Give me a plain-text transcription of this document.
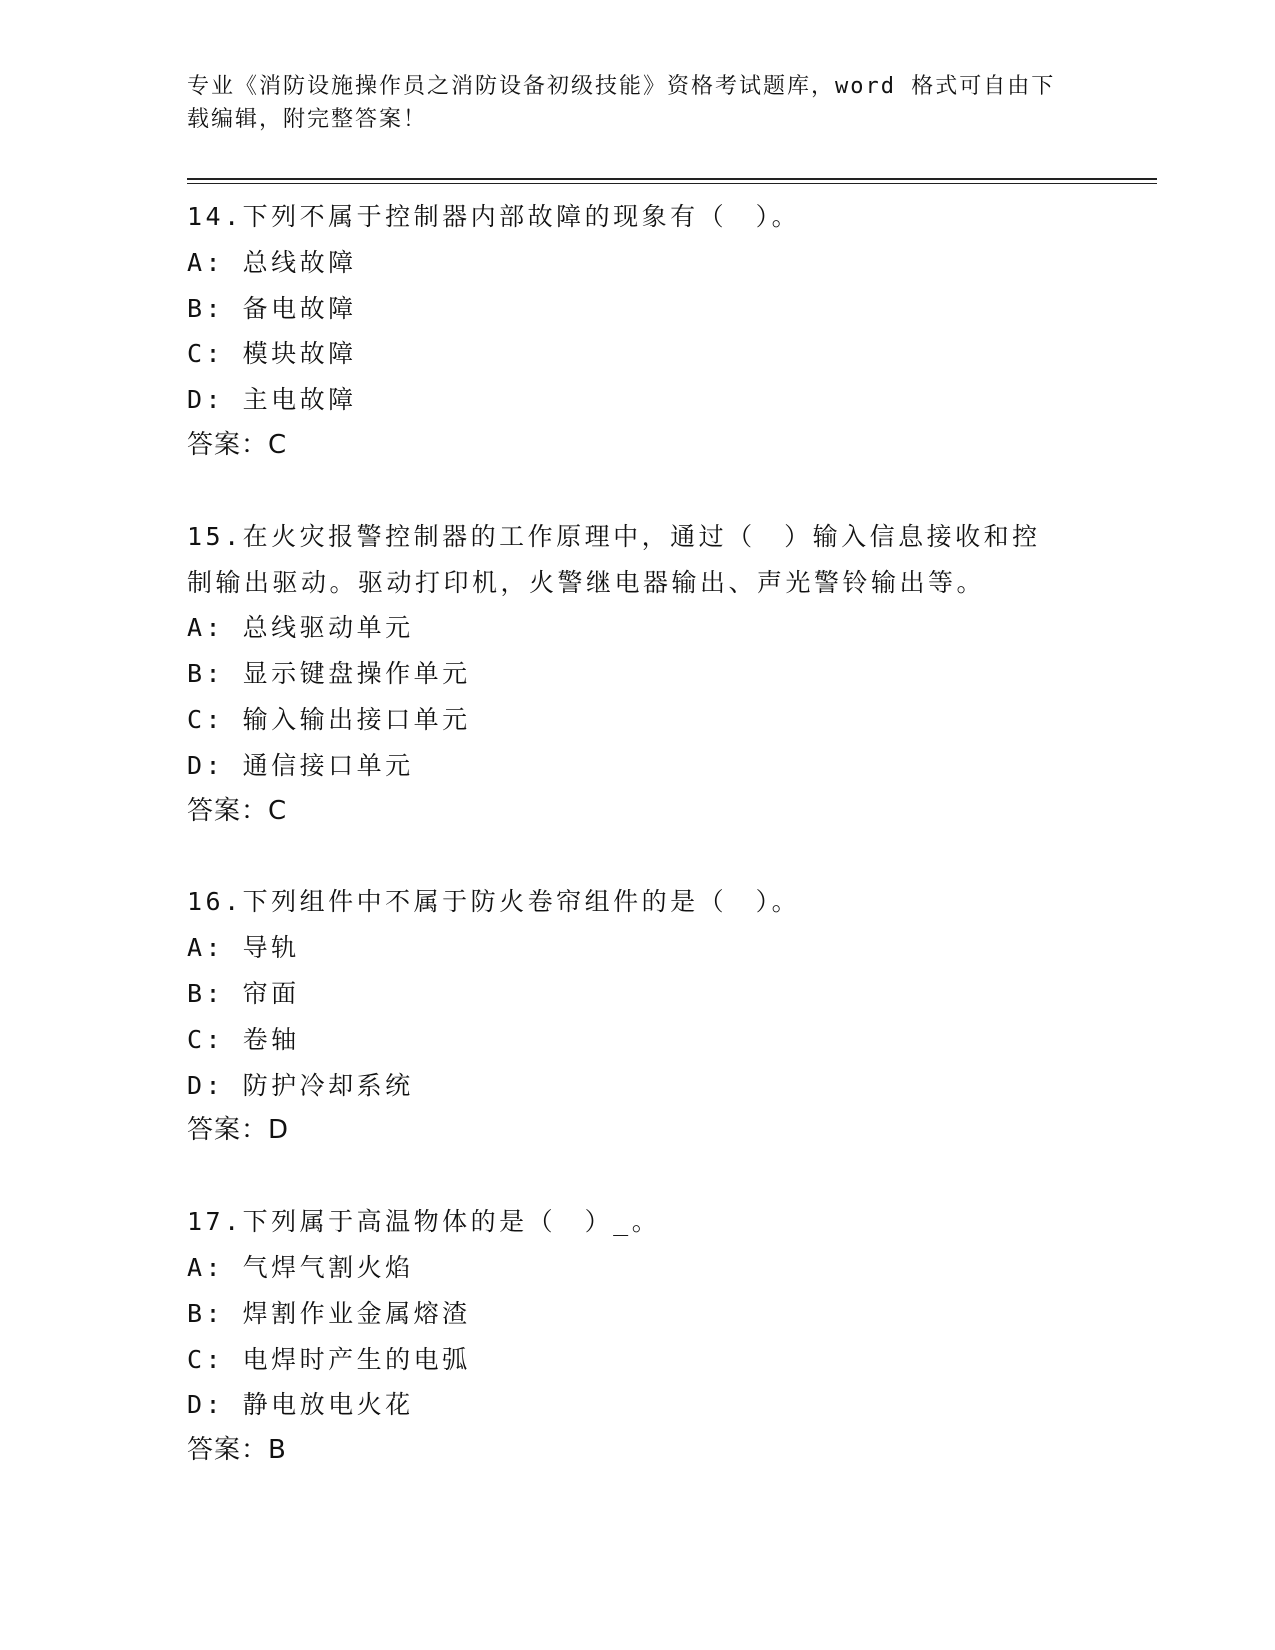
专业《消防设施操作员之消防设备初级技能》资格考试题库，word 格式可自由下载编辑，附完整答案！
14.下列不属于控制器内部故障的现象有（　）。
A: 总线故障
B: 备电故障
C: 模块故障
D: 主电故障
答案：C
15.在火灾报警控制器的工作原理中，通过（　）输入信息接收和控制输出驱动。驱动打印机，火警继电器输出、声光警铃输出等。
A: 总线驱动单元
B: 显示键盘操作单元
C: 输入输出接口单元
D: 通信接口单元
答案：C
16.下列组件中不属于防火卷帘组件的是（　）。
A: 导轨
B: 帘面
C: 卷轴
D: 防护冷却系统
答案：D
17.下列属于高温物体的是（　）_。
A: 气焊气割火焰
B: 焊割作业金属熔渣
C: 电焊时产生的电弧
D: 静电放电火花
答案：B
